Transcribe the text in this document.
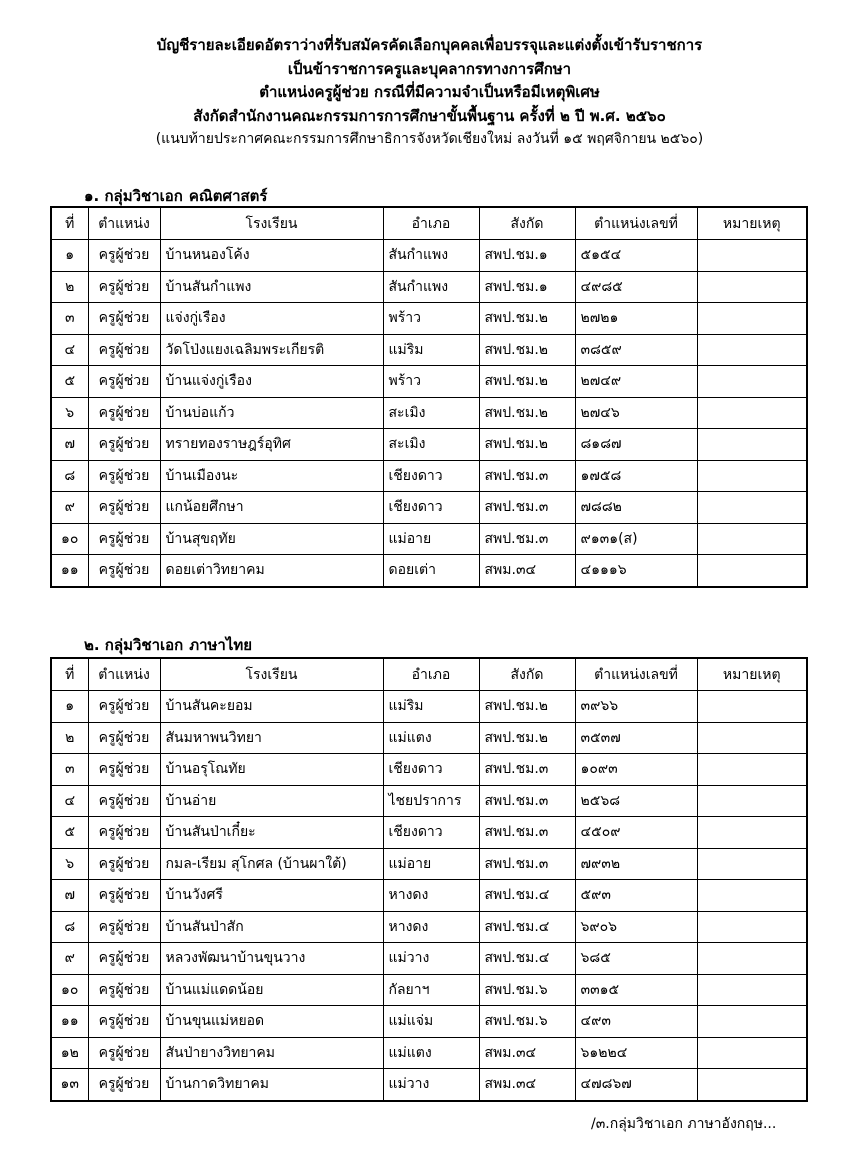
บัญชีรายละเอียดอัตราว่างที่รับสมัครคัดเลือกบุคคลเพื่อบรรจุและแต่งตั้งเข้ารับราชการ
เป็นข้าราชการครูและบุคลากรทางการศึกษา
ตำแหน่งครูผู้ช่วย กรณีที่มีความจำเป็นหรือมีเหตุพิเศษ
สังกัดสำนักงานคณะกรรมการการศึกษาขั้นพื้นฐาน ครั้งที่ ๒ ปี พ.ศ. ๒๕๖๐
(แนบท้ายประกาศคณะกรรมการศึกษาธิการจังหวัดเชียงใหม่ ลงวันที่ ๑๕ พฤศจิกายน ๒๕๖๐)
๑. กลุ่มวิชาเอก คณิตศาสตร์
ที่	ตำแหน่ง	โรงเรียน	อำเภอ	สังกัด	ตำแหน่งเลขที่	หมายเหตุ
๑	ครูผู้ช่วย	บ้านหนองโค้ง	สันกำแพง	สพป.ชม.๑	๕๑๕๔	
๒	ครูผู้ช่วย	บ้านสันกำแพง	สันกำแพง	สพป.ชม.๑	๔๙๘๕	
๓	ครูผู้ช่วย	แจ่งกู่เรือง	พร้าว	สพป.ชม.๒	๒๗๒๑	
๔	ครูผู้ช่วย	วัดโป่งแยงเฉลิมพระเกียรติ	แม่ริม	สพป.ชม.๒	๓๘๕๙	
๕	ครูผู้ช่วย	บ้านแจ่งกู่เรือง	พร้าว	สพป.ชม.๒	๒๗๔๙	
๖	ครูผู้ช่วย	บ้านบ่อแก้ว	สะเมิง	สพป.ชม.๒	๒๗๔๖	
๗	ครูผู้ช่วย	ทรายทองราษฎร์อุทิศ	สะเมิง	สพป.ชม.๒	๘๑๘๗	
๘	ครูผู้ช่วย	บ้านเมืองนะ	เชียงดาว	สพป.ชม.๓	๑๗๕๘	
๙	ครูผู้ช่วย	แกน้อยศึกษา	เชียงดาว	สพป.ชม.๓	๗๘๘๒	
๑๐	ครูผู้ช่วย	บ้านสุขฤทัย	แม่อาย	สพป.ชม.๓	๙๑๓๑(ส)	
๑๑	ครูผู้ช่วย	ดอยเต่าวิทยาคม	ดอยเต่า	สพม.๓๔	๔๑๑๑๖	
๒. กลุ่มวิชาเอก ภาษาไทย
ที่	ตำแหน่ง	โรงเรียน	อำเภอ	สังกัด	ตำแหน่งเลขที่	หมายเหตุ
๑	ครูผู้ช่วย	บ้านสันคะยอม	แม่ริม	สพป.ชม.๒	๓๙๖๖	
๒	ครูผู้ช่วย	สันมหาพนวิทยา	แม่แตง	สพป.ชม.๒	๓๕๓๗	
๓	ครูผู้ช่วย	บ้านอรุโณทัย	เชียงดาว	สพป.ชม.๓	๑๐๙๓	
๔	ครูผู้ช่วย	บ้านอ่าย	ไชยปราการ	สพป.ชม.๓	๒๕๖๘	
๕	ครูผู้ช่วย	บ้านสันป่าเกี๋ยะ	เชียงดาว	สพป.ชม.๓	๔๕๐๙	
๖	ครูผู้ช่วย	กมล-เรียม สุโกศล (บ้านผาใต้)	แม่อาย	สพป.ชม.๓	๗๙๓๒	
๗	ครูผู้ช่วย	บ้านวังศรี	หางดง	สพป.ชม.๔	๕๙๓	
๘	ครูผู้ช่วย	บ้านสันป่าสัก	หางดง	สพป.ชม.๔	๖๙๐๖	
๙	ครูผู้ช่วย	หลวงพัฒนาบ้านขุนวาง	แม่วาง	สพป.ชม.๔	๖๘๕	
๑๐	ครูผู้ช่วย	บ้านแม่แดดน้อย	กัลยาฯ	สพป.ชม.๖	๓๓๑๕	
๑๑	ครูผู้ช่วย	บ้านขุนแม่หยอด	แม่แจ่ม	สพป.ชม.๖	๔๙๓	
๑๒	ครูผู้ช่วย	สันป่ายางวิทยาคม	แม่แตง	สพม.๓๔	๖๑๒๒๔	
๑๓	ครูผู้ช่วย	บ้านกาดวิทยาคม	แม่วาง	สพม.๓๔	๔๗๘๖๗	
/๓.กลุ่มวิชาเอก ภาษาอังกฤษ...
